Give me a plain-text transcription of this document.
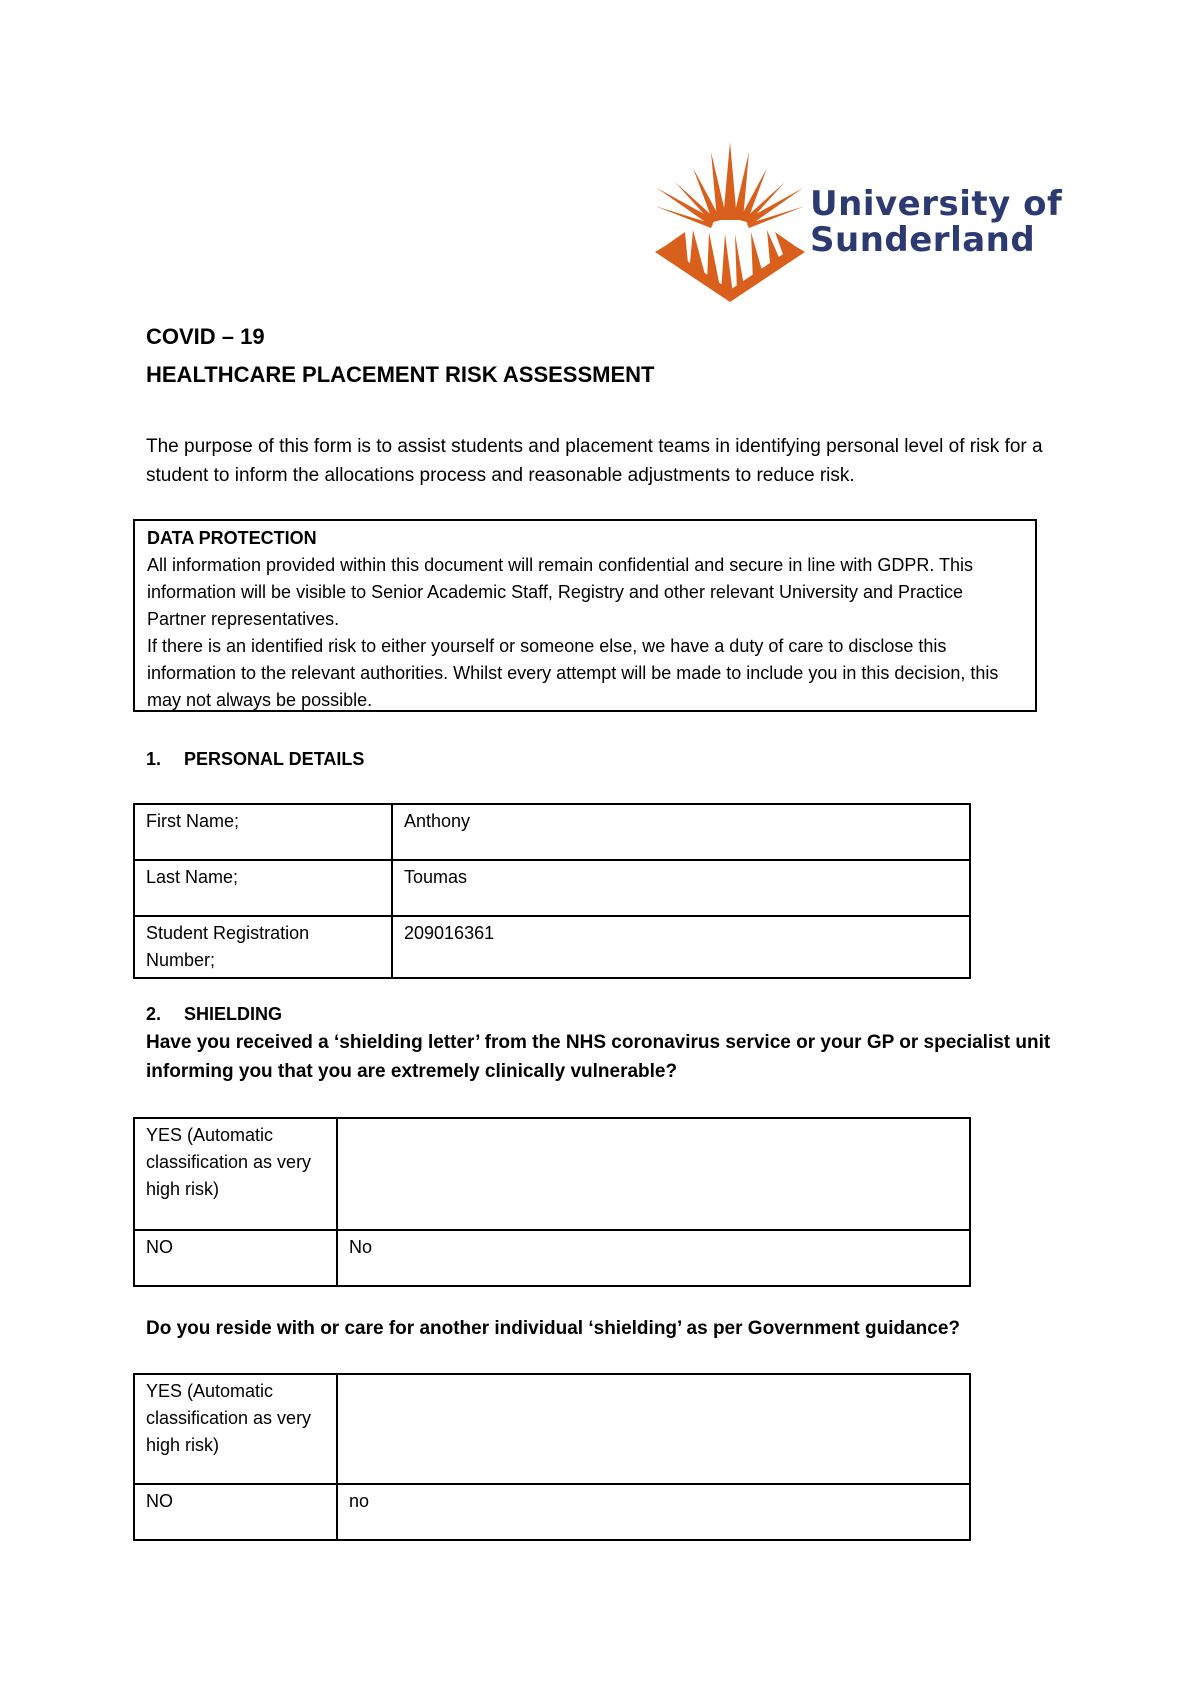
University of
Sunderland
COVID – 19
HEALTHCARE PLACEMENT RISK ASSESSMENT
The purpose of this form is to assist students and placement teams in identifying personal level of risk for a student to inform the allocations process and reasonable adjustments to reduce risk.
DATA PROTECTION
All information provided within this document will remain confidential and secure in line with GDPR. This information will be visible to Senior Academic Staff, Registry and other relevant University and Practice Partner representatives.
If there is an identified risk to either yourself or someone else, we have a duty of care to disclose this information to the relevant authorities. Whilst every attempt will be made to include you in this decision, this may not always be possible.
1. PERSONAL DETAILS
First Name;	Anthony
Last Name;	Toumas
Student Registration Number;	209016361
2. SHIELDING
Have you received a ‘shielding letter’ from the NHS coronavirus service or your GP or specialist unit informing you that you are extremely clinically vulnerable?
YES (Automatic classification as very high risk)	
NO	No
Do you reside with or care for another individual ‘shielding’ as per Government guidance?
YES (Automatic classification as very high risk)	
NO	no
